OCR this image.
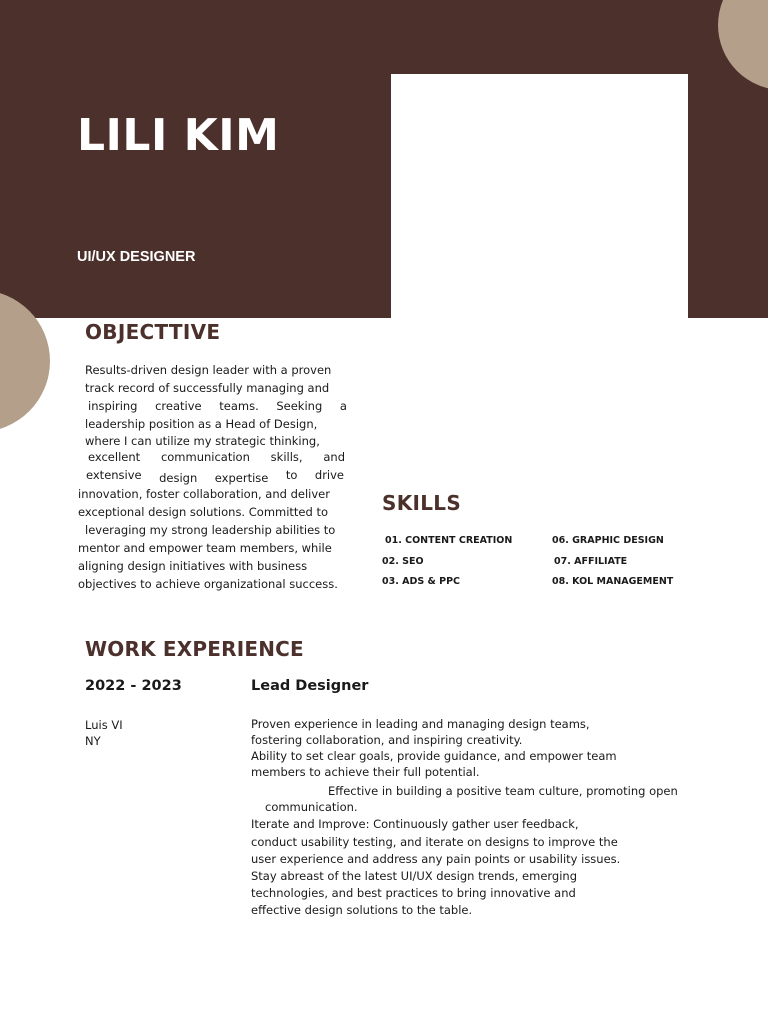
LILI KIM
UI/UX DESIGNER
OBJECTTIVE
Results-driven design leader with a proven
track record of successfully managing and
inspiring creative teams. Seeking a
leadership position as a Head of Design,
where I can utilize my strategic thinking,
excellent communication skills, and
extensive design expertise to drive
innovation, foster collaboration, and deliver
exceptional design solutions. Committed to
leveraging my strong leadership abilities to
mentor and empower team members, while
aligning design initiatives with business
objectives to achieve organizational success.
SKILLS
01. CONTENT CREATION
02. SEO
03. ADS & PPC
06. GRAPHIC DESIGN
07. AFFILIATE
08. KOL MANAGEMENT
WORK EXPERIENCE
2022 - 2023	Lead Designer
Luis VI
NY
Proven experience in leading and managing design teams,
fostering collaboration, and inspiring creativity.
Ability to set clear goals, provide guidance, and empower team
members to achieve their full potential.
Effective in building a positive team culture, promoting open
communication.
Iterate and Improve: Continuously gather user feedback,
conduct usability testing, and iterate on designs to improve the
user experience and address any pain points or usability issues.
Stay abreast of the latest UI/UX design trends, emerging
technologies, and best practices to bring innovative and
effective design solutions to the table.
